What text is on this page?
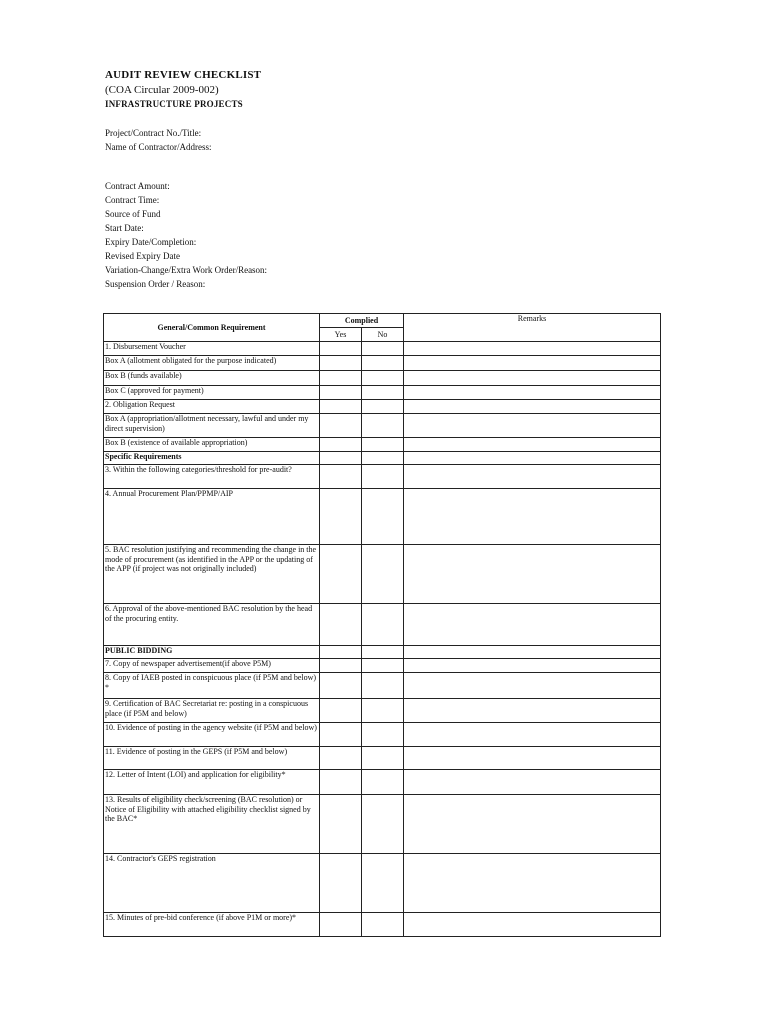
AUDIT REVIEW CHECKLIST
(COA Circular 2009-002)
INFRASTRUCTURE PROJECTS
Project/Contract No./Title:
Name of Contractor/Address:
Contract Amount:
Contract Time:
Source of Fund
Start Date:
Expiry Date/Completion:
Revised Expiry Date
Variation-Change/Extra Work Order/Reason:
Suspension Order / Reason:
General/Common Requirement	Complied		Remarks
	Yes	No	
1. Disbursement Voucher			
Box A (allotment obligated for the purpose indicated)			
Box B (funds available)			
Box C (approved for payment)			
2. Obligation Request			
Box A (appropriation/allotment necessary, lawful and under my direct supervision)			
Box B (existence of available appropriation)			
Specific Requirements			
3. Within the following categories/threshold for pre-audit?			
4. Annual Procurement Plan/PPMP/AIP			
5. BAC resolution justifying and recommending the change in the mode of procurement (as identified in the APP or the updating of the APP (if project was not originally included)			
6. Approval of the above-mentioned BAC resolution by the head of the procuring entity.			
PUBLIC BIDDING			
7. Copy of newspaper advertisement(if above P5M)			
8. Copy of IAEB posted in conspicuous place (if P5M and below) *			
9. Certification of BAC Secretariat re: posting in a conspicuous place (if P5M and below)			
10. Evidence of posting in the agency website (if P5M and below)			
11. Evidence of posting in the GEPS (if P5M and below)			
12. Letter of Intent (LOI) and application for eligibility*			
13. Results of eligibility check/screening (BAC resolution) or Notice of Eligibility with attached eligibility checklist signed by the BAC*			
14. Contractor's GEPS registration			
15. Minutes of pre-bid conference (if above P1M or more)*			
